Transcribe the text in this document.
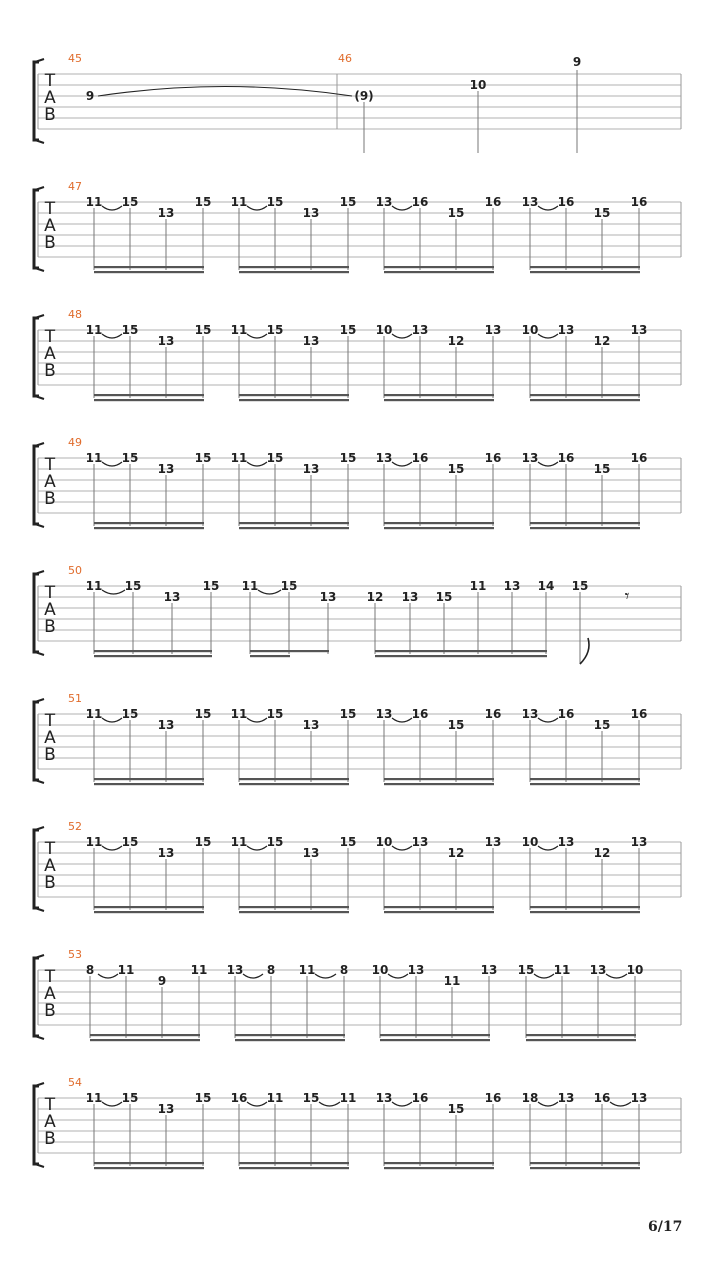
T
A
B
45	46
9	(9)
10
9
T
A
B
47
11 15
13
15 11 15
13
15 13 16
15
16 13 16
15
16
T
A
B
48
11 15
13
15 11 15
13
15 10 13
12
13 10 13
12
13
T
A
B
49
11 15
13
15 11 15
13
15 13 16
15
16 13 16
15
16
T
A
B
50
11 15
13
15 11 15
13	12 13 15
11 13 14 15 𝄾
T
A
B
51
11 15
13
15 11 15
13
15 13 16
15
16 13 16
15
16
T
A
B
52
11 15
13
15 11 15
13
15 10 13
12
13 10 13
12
13
T
A
B
53
8 11
9
11 13 8 11 8 10 13
11
13 15 11 13 10
T
A
B
54
11 15
13
15 16 11 15 11 13 16
15
16 18 13 16 13
6/17
